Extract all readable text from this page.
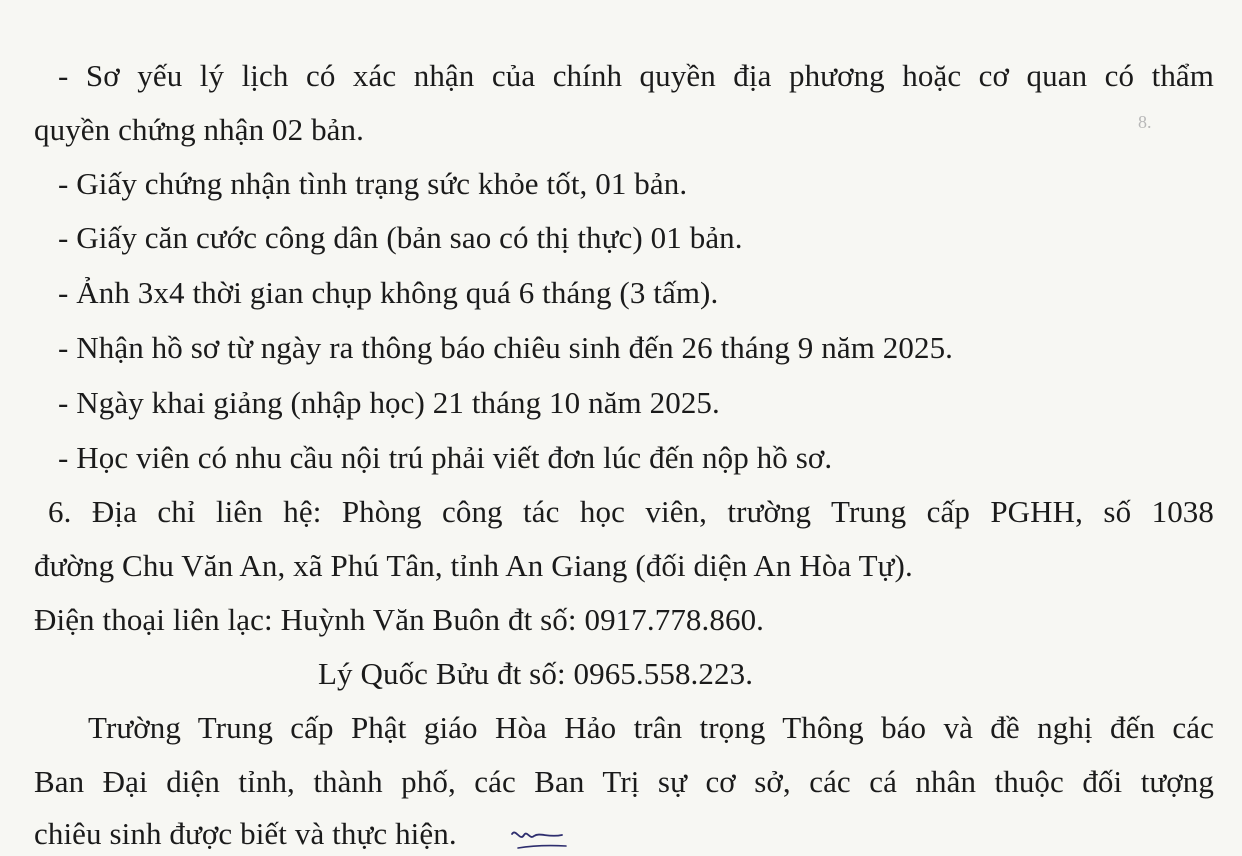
- Sơ yếu lý lịch có xác nhận của chính quyền địa phương hoặc cơ quan có thẩm
quyền chứng nhận 02 bản.
- Giấy chứng nhận tình trạng sức khỏe tốt, 01 bản.
- Giấy căn cước công dân (bản sao có thị thực) 01 bản.
- Ảnh 3x4 thời gian chụp không quá 6 tháng (3 tấm).
- Nhận hồ sơ từ ngày ra thông báo chiêu sinh đến 26 tháng 9 năm 2025.
- Ngày khai giảng (nhập học) 21 tháng 10 năm 2025.
- Học viên có nhu cầu nội trú phải viết đơn lúc đến nộp hồ sơ.
6. Địa chỉ liên hệ: Phòng công tác học viên, trường Trung cấp PGHH, số 1038
đường Chu Văn An, xã Phú Tân, tỉnh An Giang (đối diện An Hòa Tự).
Điện thoại liên lạc: Huỳnh Văn Buôn đt số: 0917.778.860.
Lý Quốc Bửu đt số: 0965.558.223.
Trường Trung cấp Phật giáo Hòa Hảo trân trọng Thông báo và đề nghị đến các
Ban Đại diện tỉnh, thành phố, các Ban Trị sự cơ sở, các cá nhân thuộc đối tượng
chiêu sinh được biết và thực hiện.
8.
